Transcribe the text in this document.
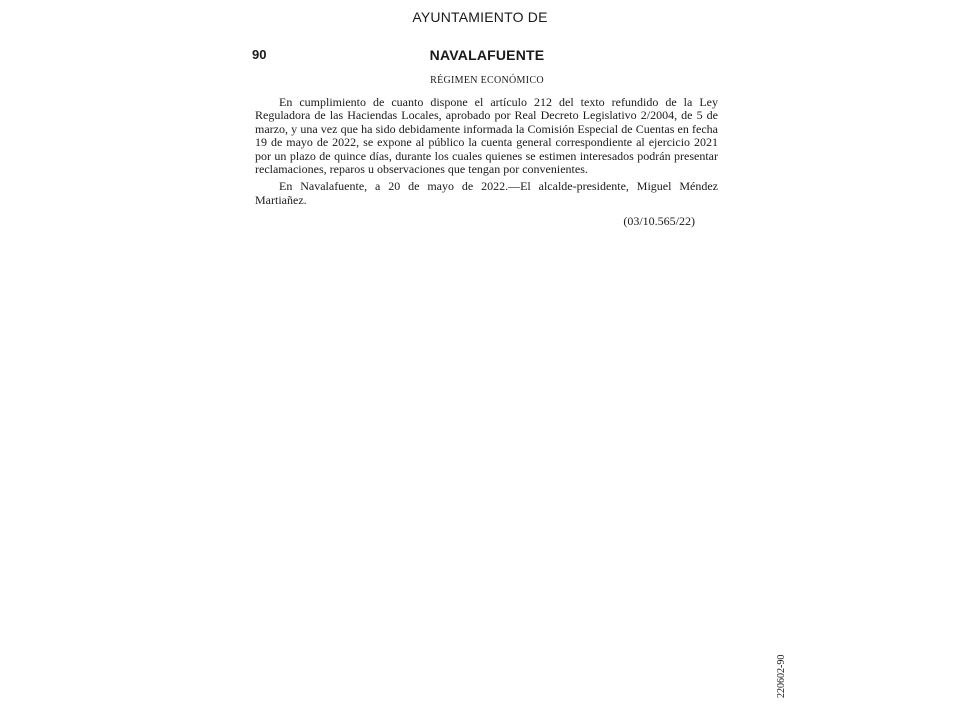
AYUNTAMIENTO DE
90	NAVALAFUENTE
RÉGIMEN ECONÓMICO

En cumplimiento de cuanto dispone el artículo 212 del texto refundido de la Ley Reguladora de las Haciendas Locales, aprobado por Real Decreto Legislativo 2/2004, de 5 de marzo, y una vez que ha sido debidamente informada la Comisión Especial de Cuentas en fecha 19 de mayo de 2022, se expone al público la cuenta general correspondiente al ejercicio 2021 por un plazo de quince días, durante los cuales quienes se estimen interesados podrán presentar reclamaciones, reparos u observaciones que tengan por convenientes.

En Navalafuente, a 20 de mayo de 2022.—El alcalde-presidente, Miguel Méndez Martiañez.

(03/10.565/22)
220602-90
